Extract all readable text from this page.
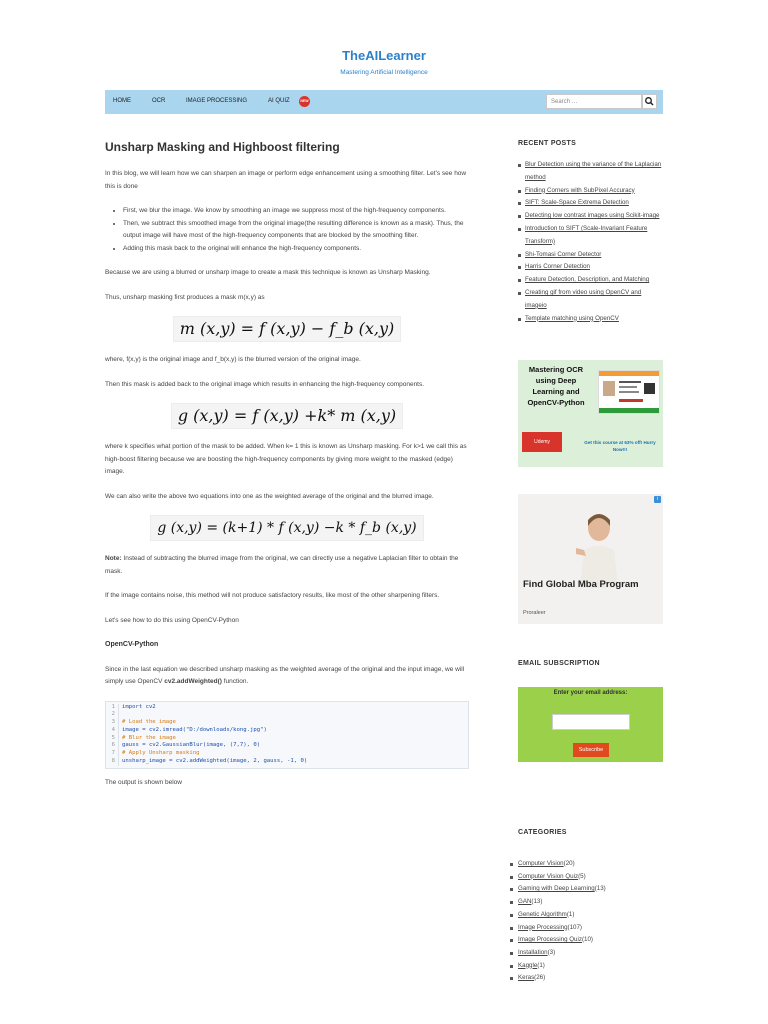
TheAILearner
Mastering Artificial Intelligence
HOME	OCR	IMAGE PROCESSING	AI QUIZ	NEW	Search …
Unsharp Masking and Highboost filtering

In this blog, we will learn how we can sharpen an image or perform edge enhancement using a smoothing filter. Let's see how this is done

• First, we blur the image. We know by smoothing an image we suppress most of the high-frequency components.
• Then, we subtract this smoothed image from the original image(the resulting difference is known as a mask). Thus, the output image will have most of the high-frequency components that are blocked by the smoothing filter.
• Adding this mask back to the original will enhance the high-frequency components.

Because we are using a blurred or unsharp image to create a mask this technique is known as Unsharp Masking.

Thus, unsharp masking first produces a mask m(x,y) as

m (x,y) = f (x,y) − f_b (x,y)

where, f(x,y) is the original image and f_b(x,y) is the blurred version of the original image.

Then this mask is added back to the original image which results in enhancing the high-frequency components.

g (x,y) = f (x,y) +k* m (x,y)

where k specifies what portion of the mask to be added. When k= 1 this is known as Unsharp masking. For k>1 we call this as high-boost filtering because we are boosting the high-frequency components by giving more weight to the masked (edge) image.

We can also write the above two equations into one as the weighted average of the original and the blurred image.

g (x,y) = (k+1) * f (x,y) −k * f_b (x,y)

Note: Instead of subtracting the blurred image from the original, we can directly use a negative Laplacian filter to obtain the mask.

If the image contains noise, this method will not produce satisfactory results, like most of the other sharpening filters.

Let's see how to do this using OpenCV-Python

OpenCV-Python

Since in the last equation we described unsharp masking as the weighted average of the original and the input image, we will simply use OpenCV cv2.addWeighted() function.

1	import cv2
2
3	# Load the image
4	image = cv2.imread("D:/downloads/kong.jpg")
5	# Blur the image
6	gauss = cv2.GaussianBlur(image, (7,7), 0)
7	# Apply Unsharp masking
8	unsharp_image = cv2.addWeighted(image, 2, gauss, -1, 0)

The output is shown below

RECENT POSTS
Blur Detection using the variance of the Laplacian method
Finding Corners with SubPixel Accuracy
SIFT: Scale-Space Extrema Detection
Detecting low contrast images using Scikit-image
Introduction to SIFT (Scale-Invariant Feature Transform)
Shi-Tomasi Corner Detector
Harris Corner Detection
Feature Detection, Description, and Matching
Creating gif from video using OpenCV and imageio
Template matching using OpenCV
Mastering OCR using Deep Learning and OpenCV-Python
Udemy	Get this course at 63% off! Hurry Now!!!
i
Find Global Mba Program
Proraleer
EMAIL SUBSCRIPTION
Enter your email address:
Subscribe
CATEGORIES
Computer Vision(20)
Computer Vision Quiz(5)
Gaming with Deep Learning(13)
GAN(13)
Genetic Algorithm(1)
Image Processing(107)
Image Processing Quiz(10)
Installation(3)
Kaggle(1)
Keras(26)
